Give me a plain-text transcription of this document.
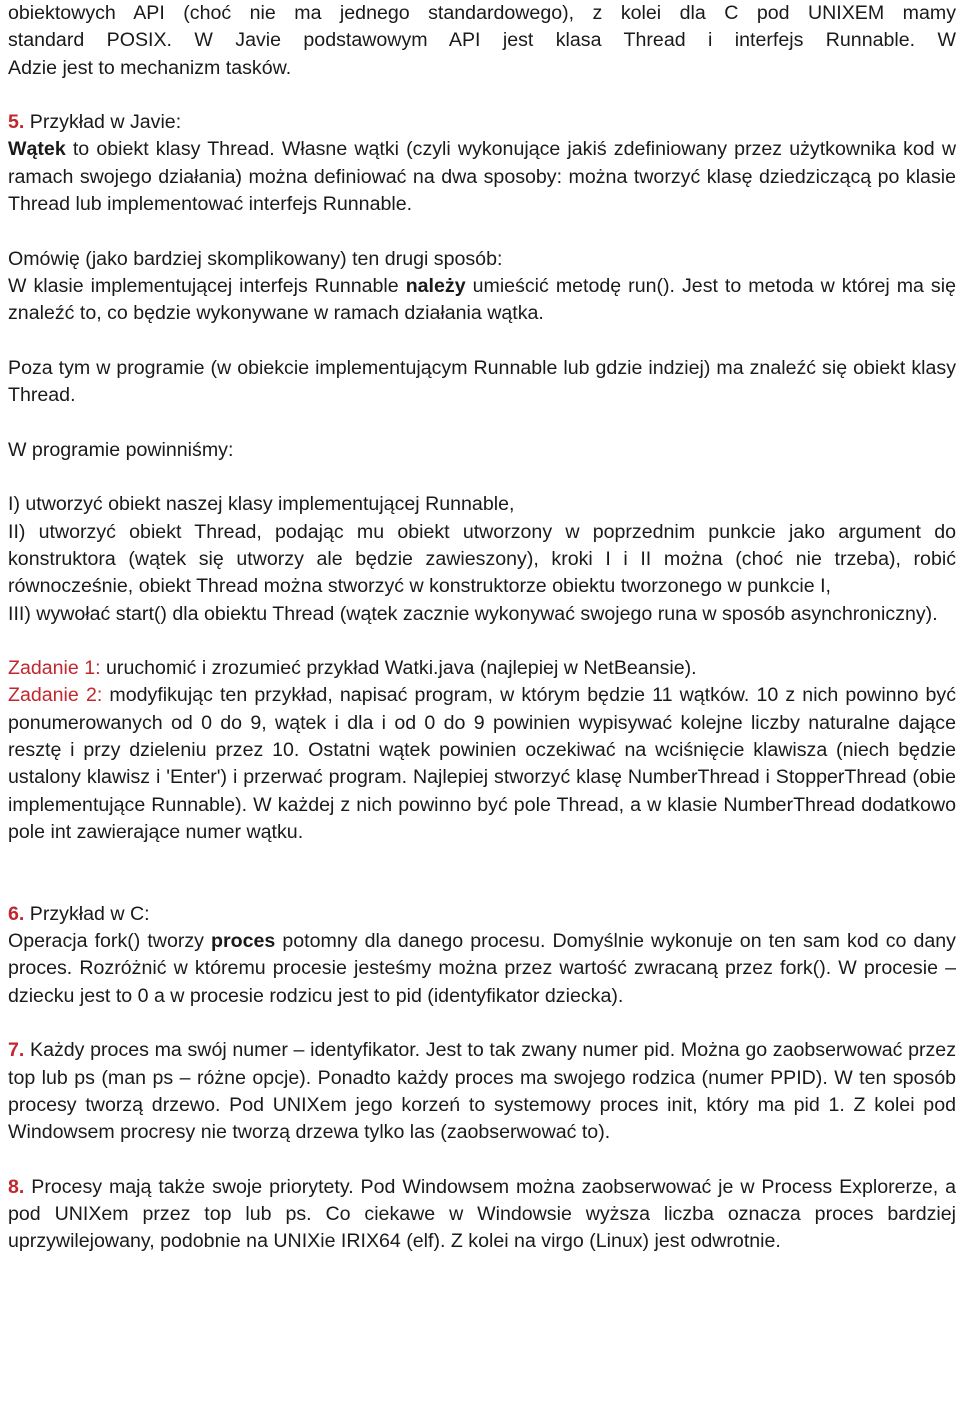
obiektowych API (choć nie ma jednego standardowego), z kolei dla C pod UNIXEM mamy

standard POSIX. W Javie podstawowym API jest klasa Thread i interfejs Runnable. W

Adzie jest to mechanizm tasków.

5. Przykład w Javie:

Wątek to obiekt klasy Thread. Własne wątki (czyli wykonujące jakiś zdefiniowany przez użytkownika kod w ramach swojego działania) można definiować na dwa sposoby: można tworzyć klasę dziedziczącą po klasie Thread lub implementować interfejs Runnable.

Omówię (jako bardziej skomplikowany) ten drugi sposób:

W klasie implementującej interfejs Runnable należy umieścić metodę run(). Jest to metoda w której ma się znaleźć to, co będzie wykonywane w ramach działania wątka.

Poza tym w programie (w obiekcie implementującym Runnable lub gdzie indziej) ma znaleźć się obiekt klasy Thread.

W programie powinniśmy:

I) utworzyć obiekt naszej klasy implementującej Runnable,

II) utworzyć obiekt Thread, podając mu obiekt utworzony w poprzednim punkcie jako argument do konstruktora (wątek się utworzy ale będzie zawieszony), kroki I i II można (choć nie trzeba), robić równocześnie, obiekt Thread można stworzyć w konstruktorze obiektu tworzonego w punkcie I,

III) wywołać start() dla obiektu Thread (wątek zacznie wykonywać swojego runa w sposób asynchroniczny).

Zadanie 1: uruchomić i zrozumieć przykład Watki.java (najlepiej w NetBeansie).

Zadanie 2: modyfikując ten przykład, napisać program, w którym będzie 11 wątków. 10 z nich powinno być ponumerowanych od 0 do 9, wątek i dla i od 0 do 9 powinien wypisywać kolejne liczby naturalne dające resztę i przy dzieleniu przez 10. Ostatni wątek powinien oczekiwać na wciśnięcie klawisza (niech będzie ustalony klawisz i 'Enter') i przerwać program. Najlepiej stworzyć klasę NumberThread i StopperThread (obie implementujące Runnable). W każdej z nich powinno być pole Thread, a w klasie NumberThread dodatkowo pole int zawierające numer wątku.

6. Przykład w C:

Operacja fork() tworzy proces potomny dla danego procesu. Domyślnie wykonuje on ten sam kod co dany proces. Rozróżnić w któremu procesie jesteśmy można przez wartość zwracaną przez fork(). W procesie – dziecku jest to 0 a w procesie rodzicu jest to pid (identyfikator dziecka).

7. Każdy proces ma swój numer – identyfikator. Jest to tak zwany numer pid. Można go zaobserwować przez top lub ps (man ps – różne opcje). Ponadto każdy proces ma swojego rodzica (numer PPID). W ten sposób procesy tworzą drzewo. Pod UNIXem jego korzeń to systemowy proces init, który ma pid 1. Z kolei pod Windowsem procresy nie tworzą drzewa tylko las (zaobserwować to).

8. Procesy mają także swoje priorytety. Pod Windowsem można zaobserwować je w Process Explorerze, a pod UNIXem przez top lub ps. Co ciekawe w Windowsie wyższa liczba oznacza proces bardziej uprzywilejowany, podobnie na UNIXie IRIX64 (elf). Z kolei na virgo (Linux) jest odwrotnie.
